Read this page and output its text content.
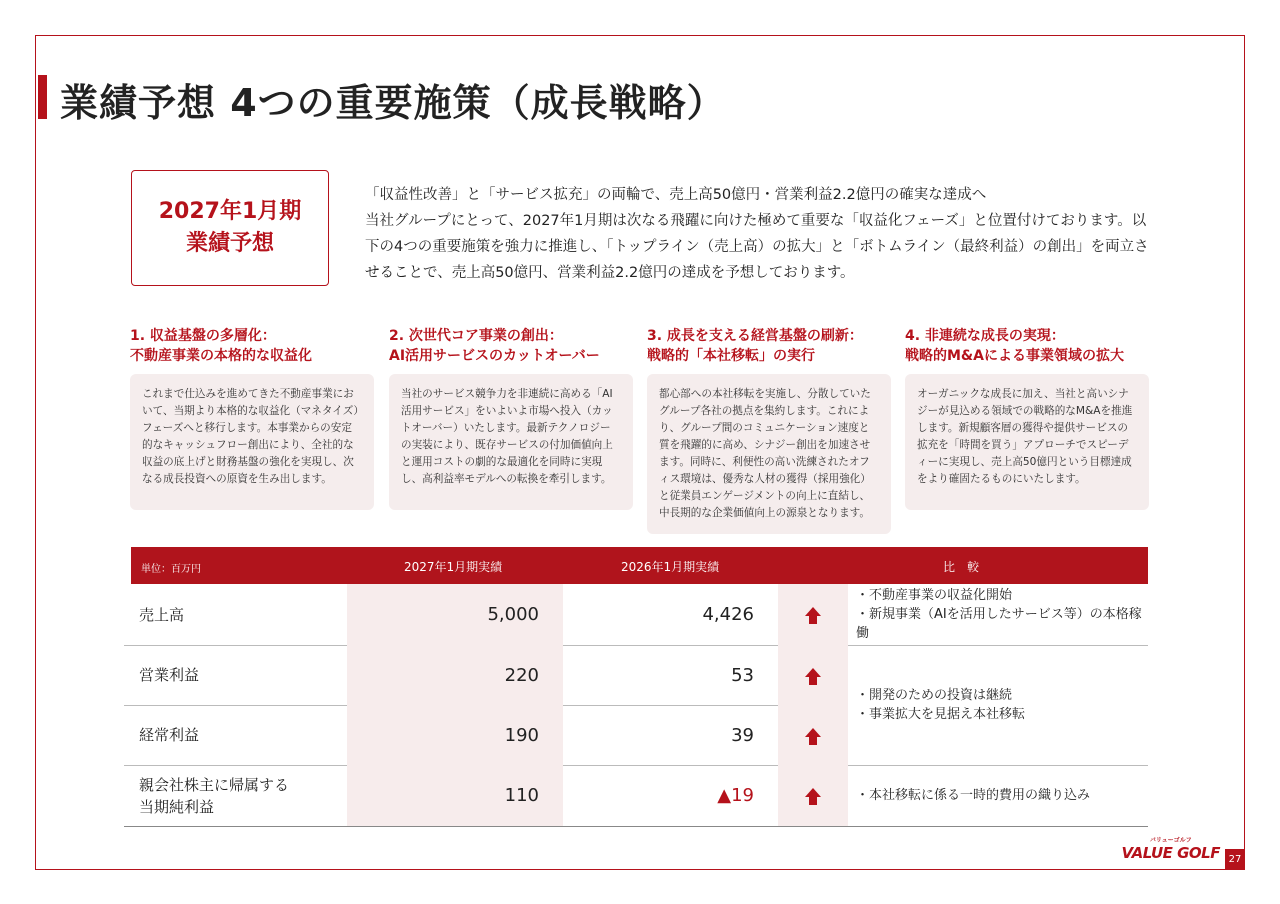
業績予想 4つの重要施策（成長戦略）
2027年1月期
業績予想
「収益性改善」と「サービス拡充」の両輪で、売上高50億円・営業利益2.2億円の確実な達成へ
当社グループにとって、2027年1月期は次なる飛躍に向けた極めて重要な「収益化フェーズ」と位置付けております。以下の4つの重要施策を強力に推進し、「トップライン（売上高）の拡大」と「ボトムライン（最終利益）の創出」を両立させることで、売上高50億円、営業利益2.2億円の達成を予想しております。
1. 収益基盤の多層化：
不動産事業の本格的な収益化
これまで仕込みを進めてきた不動産事業において、当期より本格的な収益化（マネタイズ）フェーズへと移行します。本事業からの安定的なキャッシュフロー創出により、全社的な収益の底上げと財務基盤の強化を実現し、次なる成長投資への原資を生み出します。
2. 次世代コア事業の創出：
AI活用サービスのカットオーバー
当社のサービス競争力を非連続に高める「AI活用サービス」をいよいよ市場へ投入（カットオーバー）いたします。最新テクノロジーの実装により、既存サービスの付加価値向上と運用コストの劇的な最適化を同時に実現し、高利益率モデルへの転換を牽引します。
3. 成長を支える経営基盤の刷新：
戦略的「本社移転」の実行
都心部への本社移転を実施し、分散していたグループ各社の拠点を集約します。これにより、グループ間のコミュニケーション速度と質を飛躍的に高め、シナジー創出を加速させます。同時に、利便性の高い洗練されたオフィス環境は、優秀な人材の獲得（採用強化）と従業員エンゲージメントの向上に直結し、中長期的な企業価値向上の源泉となります。
4. 非連続な成長の実現：
戦略的M&Aによる事業領域の拡大
オーガニックな成長に加え、当社と高いシナジーが見込める領域での戦略的なM&Aを推進します。新規顧客層の獲得や提供サービスの拡充を「時間を買う」アプローチでスピーディーに実現し、売上高50億円という目標達成をより確固たるものにいたします。
単位：百万円	2027年1月期実績	2026年1月期実績	比　較
売上高	5,000	4,426
・不動産事業の収益化開始
・新規事業（AIを活用したサービス等）の本格稼働
営業利益	220	53
経常利益	190	39
・開発のための投資は継続
・事業拡大を見据え本社移転
親会社株主に帰属する
当期純利益
110	▲19	・本社移転に係る一時的費用の織り込み
バリューゴルフ
VALUE GOLF 27
